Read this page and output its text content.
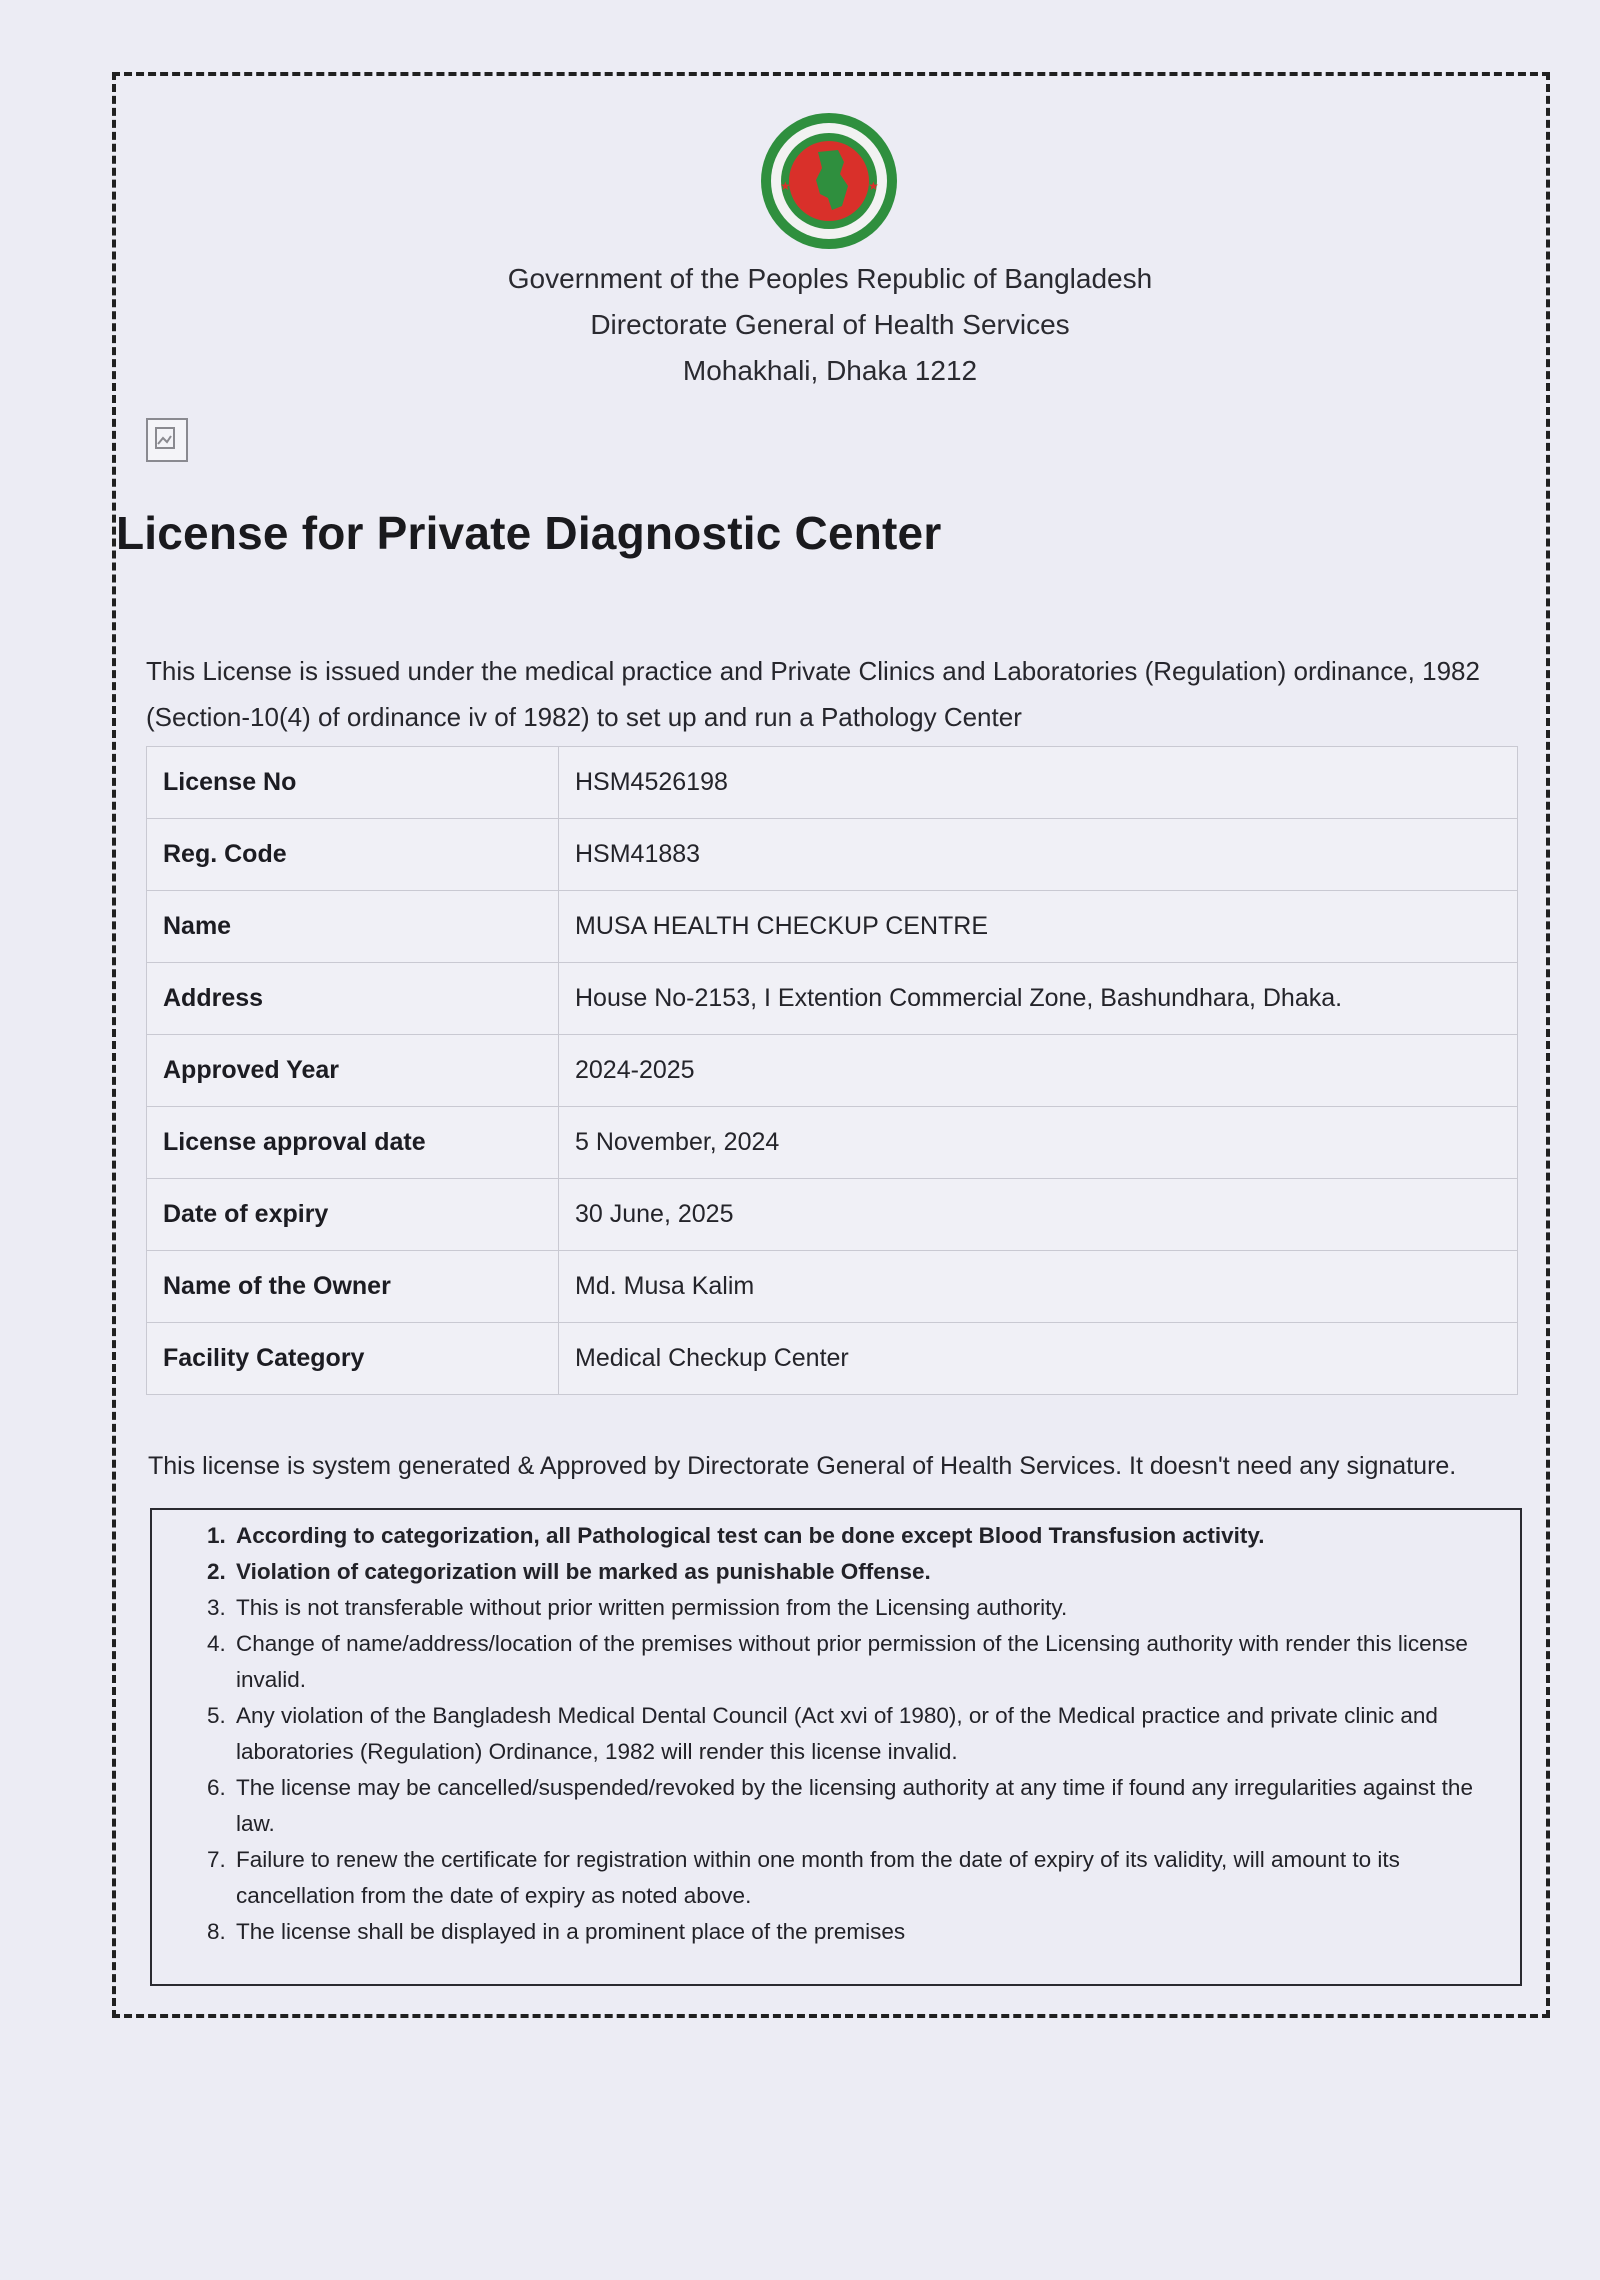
★	★
Government of the Peoples Republic of Bangladesh
Directorate General of Health Services
Mohakhali, Dhaka 1212
License for Private Diagnostic Center
This License is issued under the medical practice and Private Clinics and Laboratories (Regulation) ordinance, 1982 (Section-10(4) of ordinance iv of 1982) to set up and run a Pathology Center
License No	HSM4526198
Reg. Code	HSM41883
Name	MUSA HEALTH CHECKUP CENTRE
Address	House No-2153, I Extention Commercial Zone, Bashundhara, Dhaka.
Approved Year	2024-2025
License approval date	5 November, 2024
Date of expiry	30 June, 2025
Name of the Owner	Md. Musa Kalim
Facility Category	Medical Checkup Center
This license is system generated & Approved by Directorate General of Health Services. It doesn't need any signature.
1. According to categorization, all Pathological test can be done except Blood Transfusion activity.
2. Violation of categorization will be marked as punishable Offense.
3. This is not transferable without prior written permission from the Licensing authority.
4. Change of name/address/location of the premises without prior permission of the Licensing authority with render this license invalid.
5. Any violation of the Bangladesh Medical Dental Council (Act xvi of 1980), or of the Medical practice and private clinic and laboratories (Regulation) Ordinance, 1982 will render this license invalid.
6. The license may be cancelled/suspended/revoked by the licensing authority at any time if found any irregularities against the law.
7. Failure to renew the certificate for registration within one month from the date of expiry of its validity, will amount to its cancellation from the date of expiry as noted above.
8. The license shall be displayed in a prominent place of the premises
